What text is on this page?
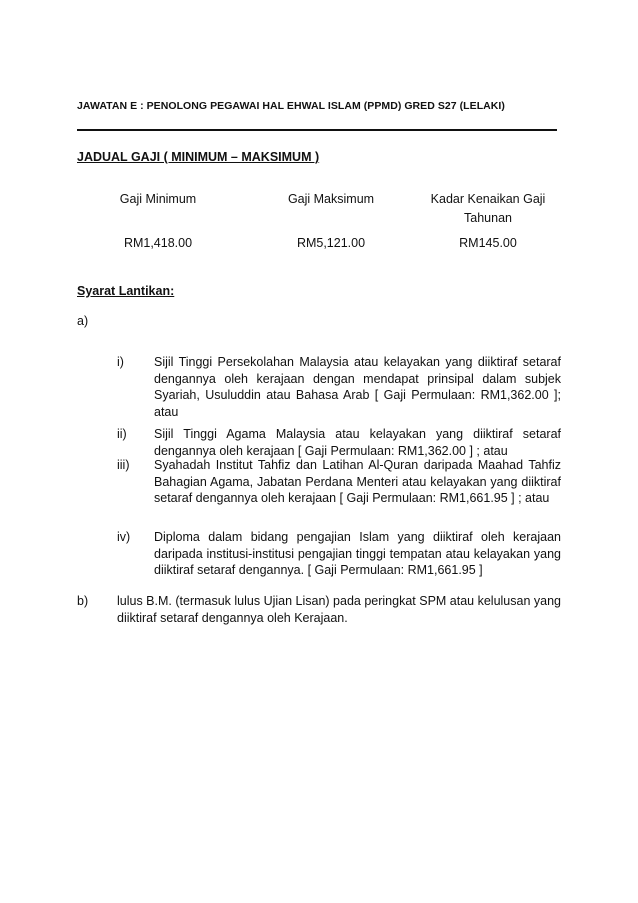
JAWATAN E : PENOLONG PEGAWAI HAL EHWAL ISLAM (PPMD) GRED S27 (LELAKI)
JADUAL GAJI ( MINIMUM – MAKSIMUM )
Gaji Minimum	Gaji Maksimum	Kadar Kenaikan Gaji Tahunan
RM1,418.00	RM5,121.00	RM145.00
Syarat Lantikan:
a)
i) Sijil Tinggi Persekolahan Malaysia atau kelayakan yang diiktiraf setaraf dengannya oleh kerajaan dengan mendapat prinsipal dalam subjek Syariah, Usuluddin atau Bahasa Arab [ Gaji Permulaan: RM1,362.00 ]; atau

ii) Sijil Tinggi Agama Malaysia atau kelayakan yang diiktiraf setaraf dengannya oleh kerajaan [ Gaji Permulaan: RM1,362.00 ] ; atau

iii) Syahadah Institut Tahfiz dan Latihan Al-Quran daripada Maahad Tahfiz Bahagian Agama, Jabatan Perdana Menteri atau kelayakan yang diiktiraf setaraf dengannya oleh kerajaan [ Gaji Permulaan: RM1,661.95 ] ; atau

iv) Diploma dalam bidang pengajian Islam yang diiktiraf oleh kerajaan daripada institusi-institusi pengajian tinggi tempatan atau kelayakan yang diiktiraf setaraf dengannya. [ Gaji Permulaan: RM1,661.95 ]

b) lulus B.M. (termasuk lulus Ujian Lisan) pada peringkat SPM atau kelulusan yang diiktiraf setaraf dengannya oleh Kerajaan.
